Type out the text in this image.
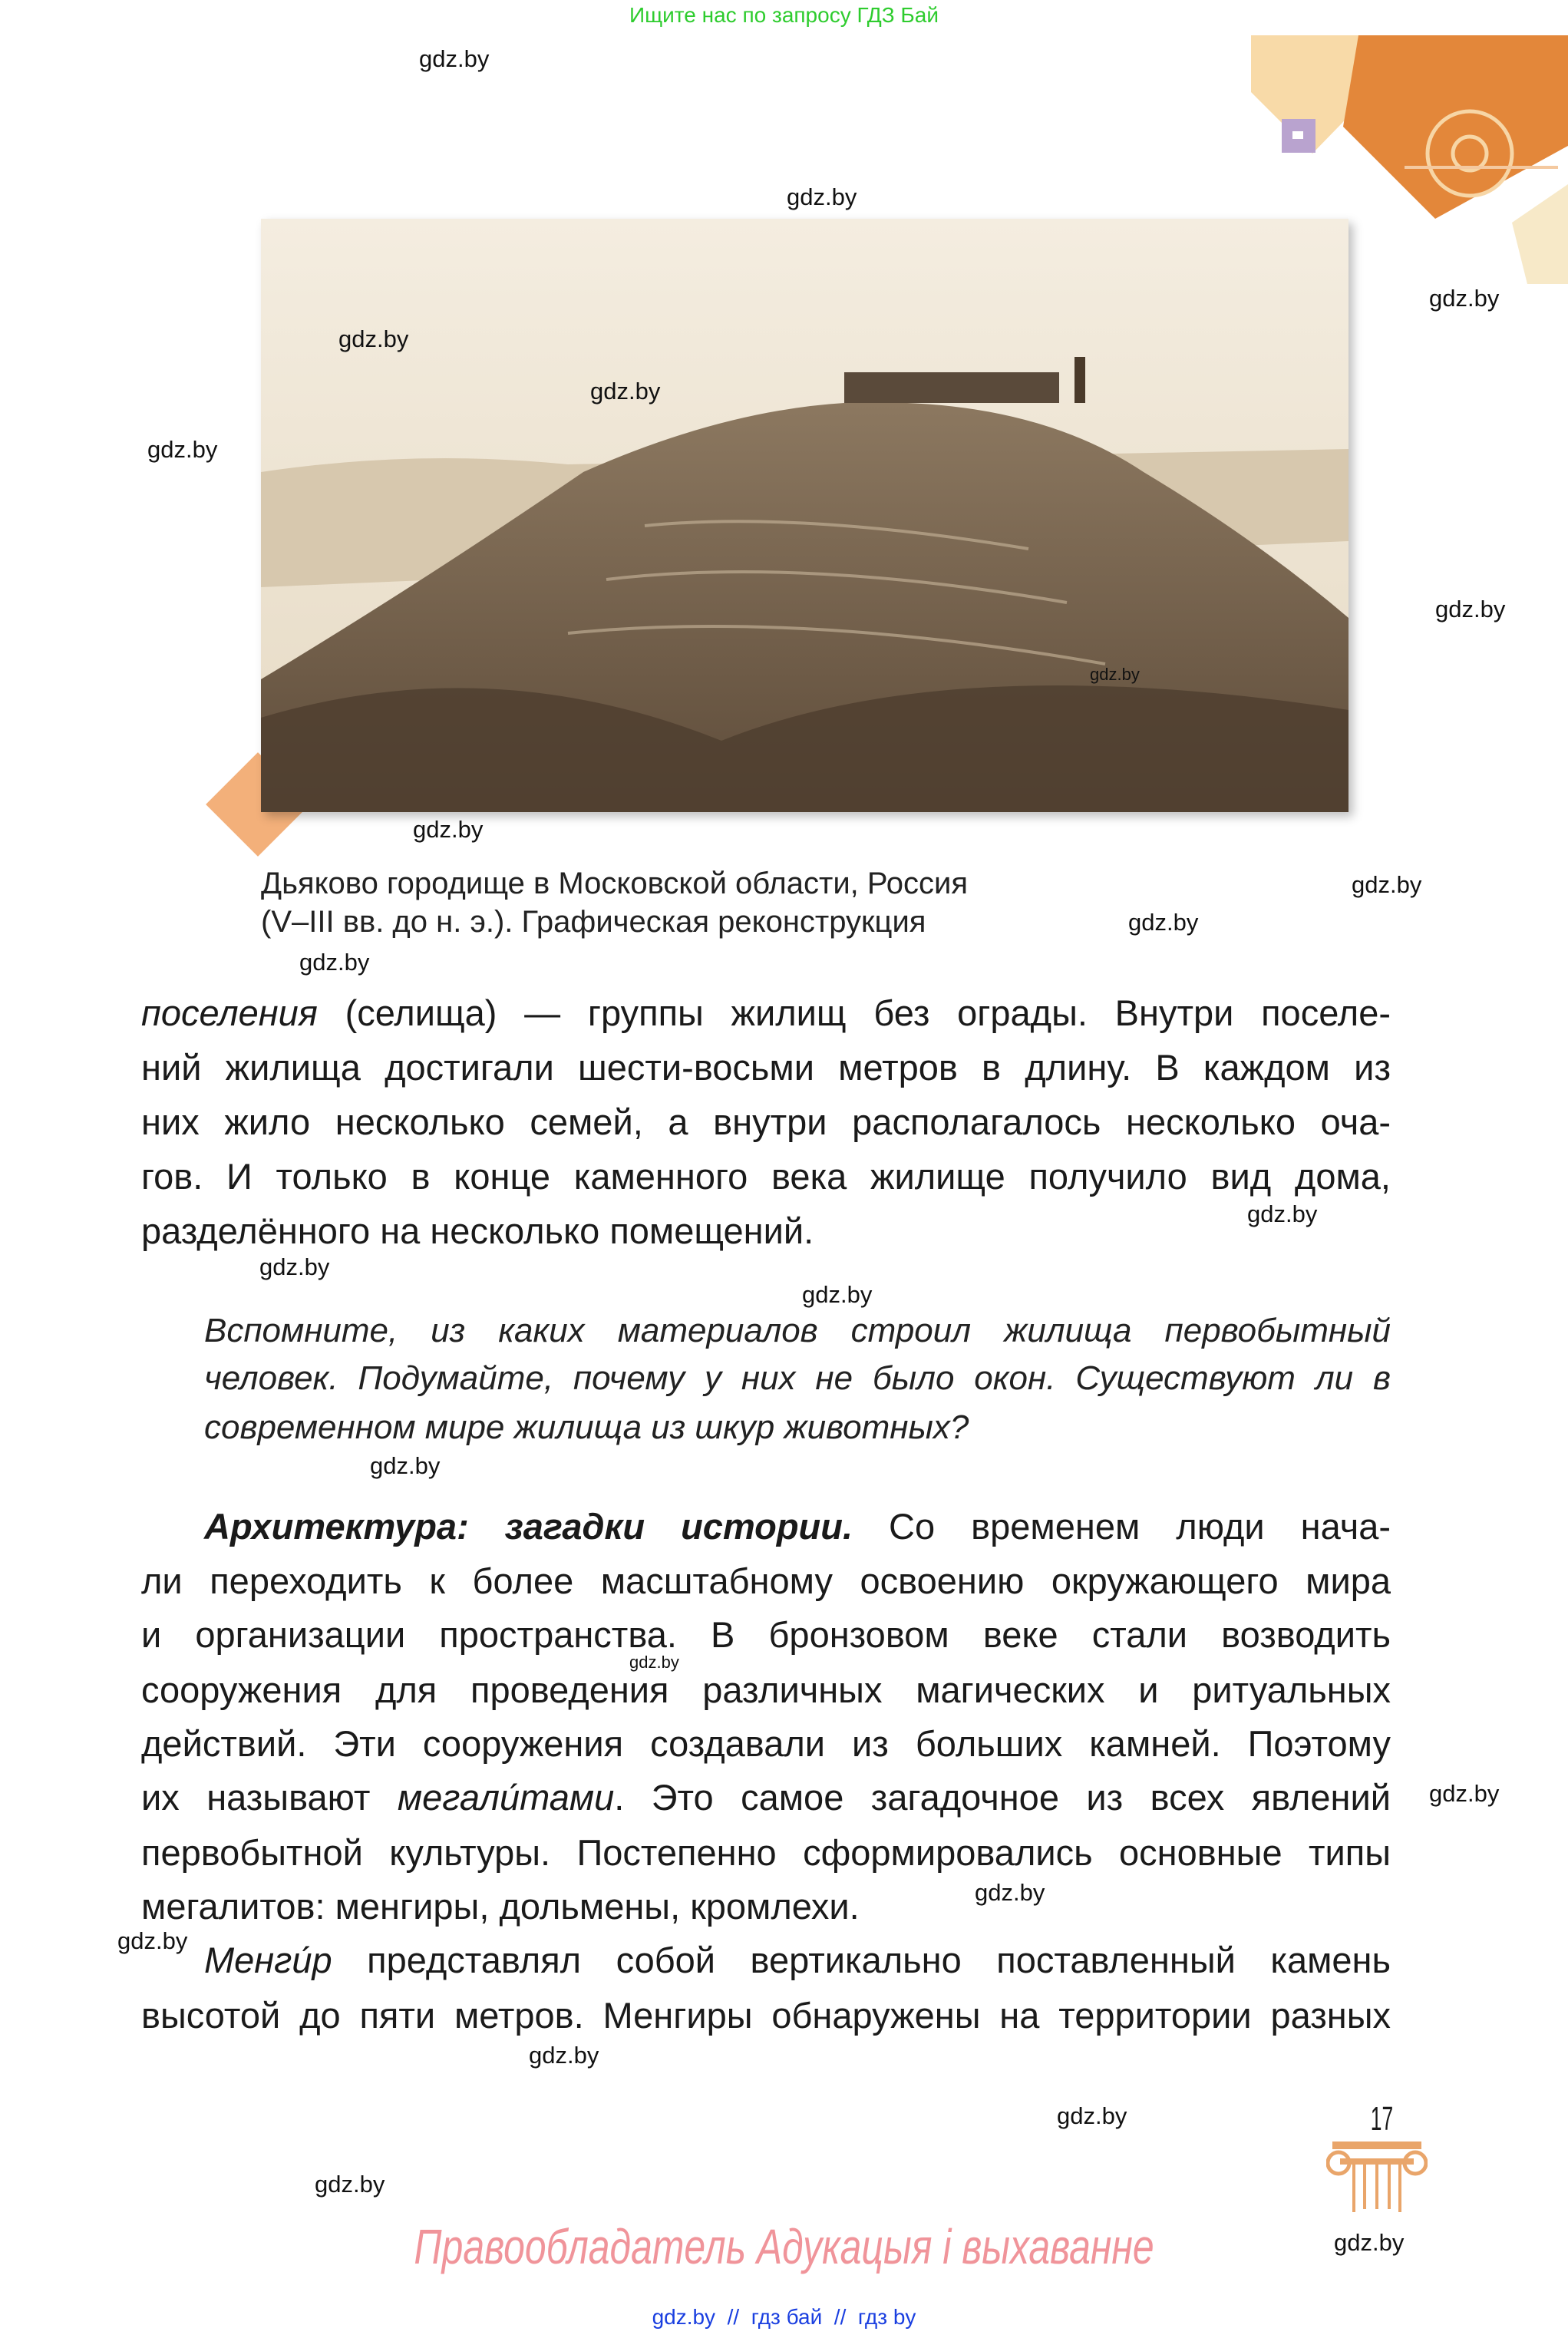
Ищите нас по запросу ГДЗ Бай
Дьяково городище в Московской области, Россия
(V–III вв. до н. э.). Графическая реконструкция
поселения (селища) — группы жилищ без ограды. Внутри поселе-
ний жилища достигали шести-восьми метров в длину. В каждом из
них жило несколько семей, а внутри располагалось несколько оча-
гов. И только в конце каменного века жилище получило вид дома,
разделённого на несколько помещений.
Вспомните, из каких материалов строил жилища первобытный
человек. Подумайте, почему у них не было окон. Существуют ли в
современном мире жилища из шкур животных?
Архитектура: загадки истории. Со временем люди нача-
ли переходить к более масштабному освоению окружающего мира
и организации пространства. В бронзовом веке стали возводить
сооружения для проведения различных магических и ритуальных
действий. Эти сооружения создавали из больших камней. Поэтому
их называют мегали́тами. Это самое загадочное из всех явлений
первобытной культуры. Постепенно сформировались основные типы
мегалитов: менгиры, дольмены, кромлехи.
Менги́р представлял собой вертикально поставленный камень
высотой до пяти метров. Менгиры обнаружены на территории разных
17
Правообладатель Адукацыя і выхаванне
gdz.by  //  гдз бай  //  гдз by
gdz.by
gdz.by
gdz.by
gdz.by
gdz.by
gdz.by
gdz.by
gdz.by
gdz.by
gdz.by
gdz.by
gdz.by
gdz.by
gdz.by
gdz.by
gdz.by
gdz.by
gdz.by
gdz.by
gdz.by
gdz.by
gdz.by
gdz.by
gdz.by
